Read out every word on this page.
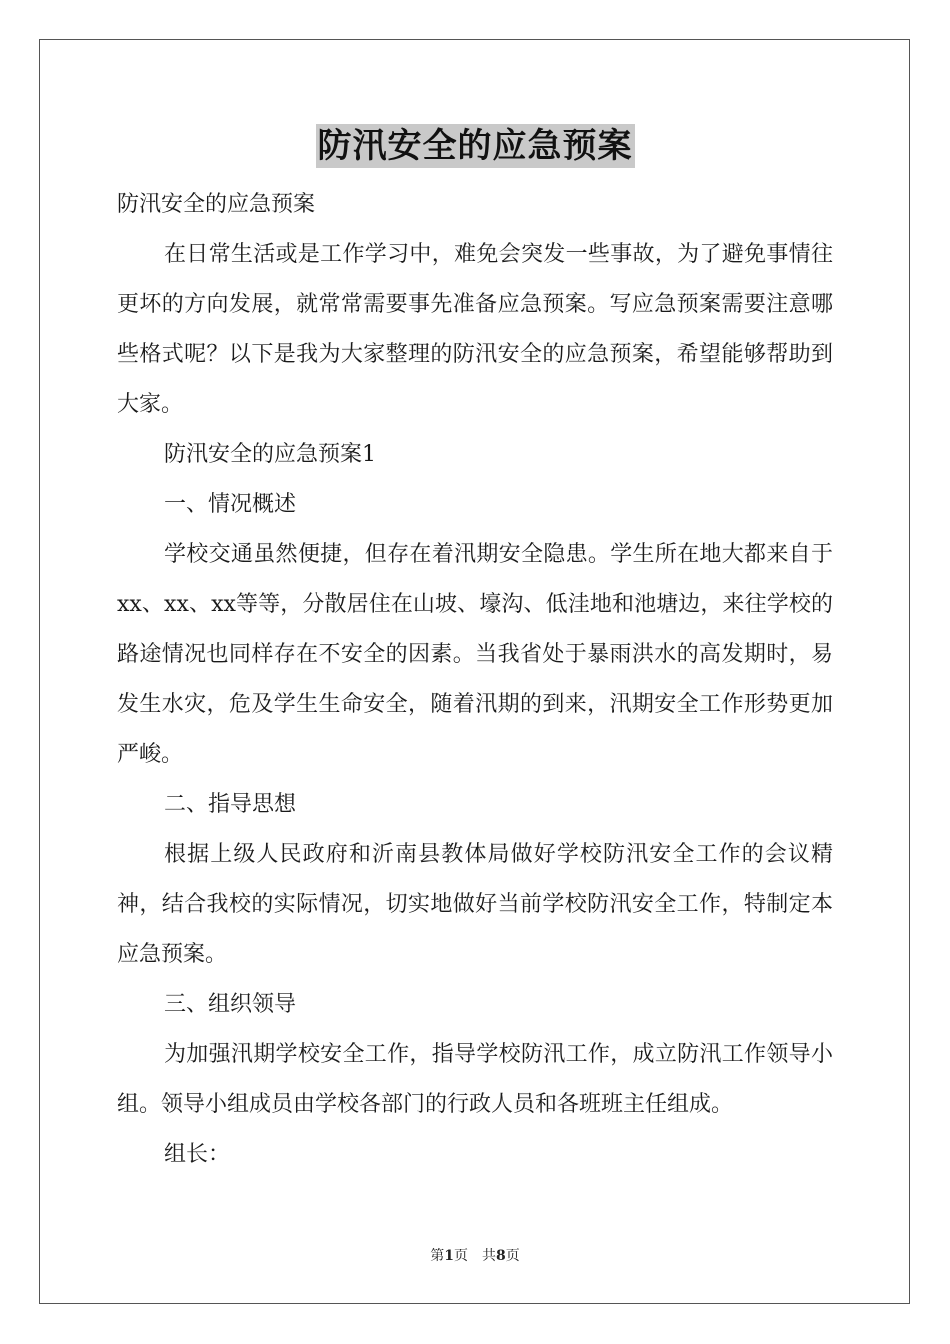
防汛安全的应急预案

防汛安全的应急预案

在日常生活或是工作学习中，难免会突发一些事故，为了避免事情往更坏的方向发展，就常常需要事先准备应急预案。写应急预案需要注意哪些格式呢？以下是我为大家整理的防汛安全的应急预案，希望能够帮助到大家。

防汛安全的应急预案1

一、情况概述

学校交通虽然便捷，但存在着汛期安全隐患。学生所在地大都来自于xx、xx、xx等等，分散居住在山坡、壕沟、低洼地和池塘边，来往学校的路途情况也同样存在不安全的因素。当我省处于暴雨洪水的高发期时，易发生水灾，危及学生生命安全，随着汛期的到来，汛期安全工作形势更加严峻。

二、指导思想

根据上级人民政府和沂南县教体局做好学校防汛安全工作的会议精神，结合我校的实际情况，切实地做好当前学校防汛安全工作，特制定本应急预案。

三、组织领导

为加强汛期学校安全工作，指导学校防汛工作，成立防汛工作领导小组。领导小组成员由学校各部门的行政人员和各班班主任组成。

组长：

第1页 共8页
